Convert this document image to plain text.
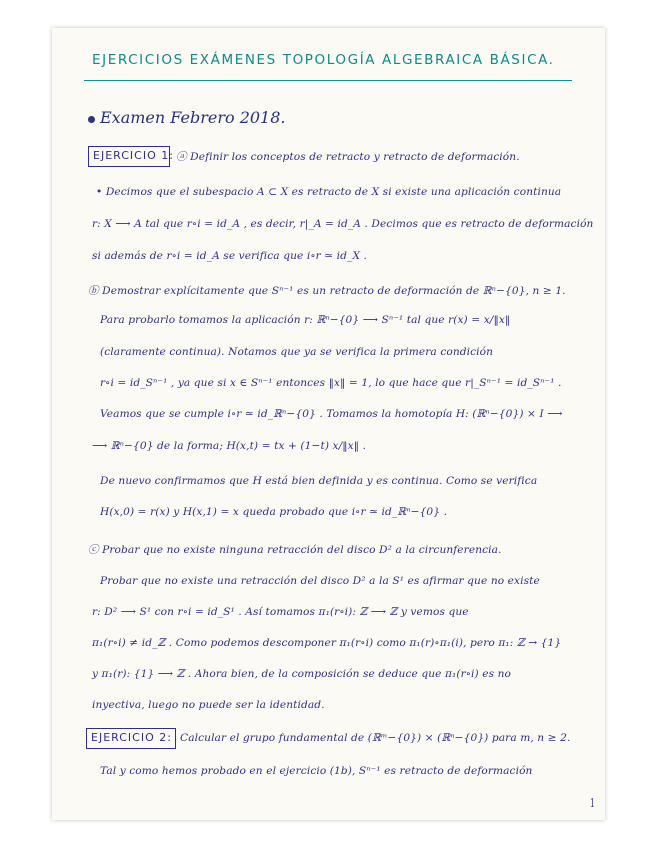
EJERCICIOS EXÁMENES TOPOLOGÍA ALGEBRAICA BÁSICA.
Examen Febrero 2018.
EJERCICIO 1: ⓐ Definir los conceptos de retracto y retracto de deformación.
• Decimos que el subespacio A ⊂ X es retracto de X si existe una aplicación continua
r: X ⟶ A tal que r∘i = id_A , es decir, r|_A = id_A . Decimos que es retracto de deformación
si además de r∘i = id_A se verifica que i∘r ≃ id_X .
ⓑ Demostrar explícitamente que Sⁿ⁻¹ es un retracto de deformación de ℝⁿ−{0}, n ≥ 1.
Para probarlo tomamos la aplicación r: ℝⁿ−{0} ⟶ Sⁿ⁻¹ tal que r(x) = x/‖x‖
(claramente continua). Notamos que ya se verifica la primera condición
r∘i = id_Sⁿ⁻¹ , ya que si x ∈ Sⁿ⁻¹ entonces ‖x‖ = 1, lo que hace que r|_Sⁿ⁻¹ = id_Sⁿ⁻¹ .
Veamos que se cumple i∘r ≃ id_ℝⁿ−{0} . Tomamos la homotopía H: (ℝⁿ−{0}) × I ⟶
⟶ ℝⁿ−{0} de la forma; H(x,t) = tx + (1−t) x/‖x‖ .
De nuevo confirmamos que H está bien definida y es continua. Como se verifica
H(x,0) = r(x) y H(x,1) = x queda probado que i∘r ≃ id_ℝⁿ−{0} .
ⓒ Probar que no existe ninguna retracción del disco D² a la circunferencia.
Probar que no existe una retracción del disco D² a la S¹ es afirmar que no existe
r: D² ⟶ S¹ con r∘i = id_S¹ . Así tomamos π₁(r∘i): ℤ ⟶ ℤ y vemos que
π₁(r∘i) ≠ id_ℤ . Como podemos descomponer π₁(r∘i) como π₁(r)∘π₁(i), pero π₁: ℤ → {1}
y π₁(r): {1} ⟶ ℤ . Ahora bien, de la composición se deduce que π₁(r∘i) es no
inyectiva, luego no puede ser la identidad.
EJERCICIO 2: Calcular el grupo fundamental de (ℝᵐ−{0}) × (ℝⁿ−{0}) para m, n ≥ 2.
Tal y como hemos probado en el ejercicio (1b), Sⁿ⁻¹ es retracto de deformación
1
